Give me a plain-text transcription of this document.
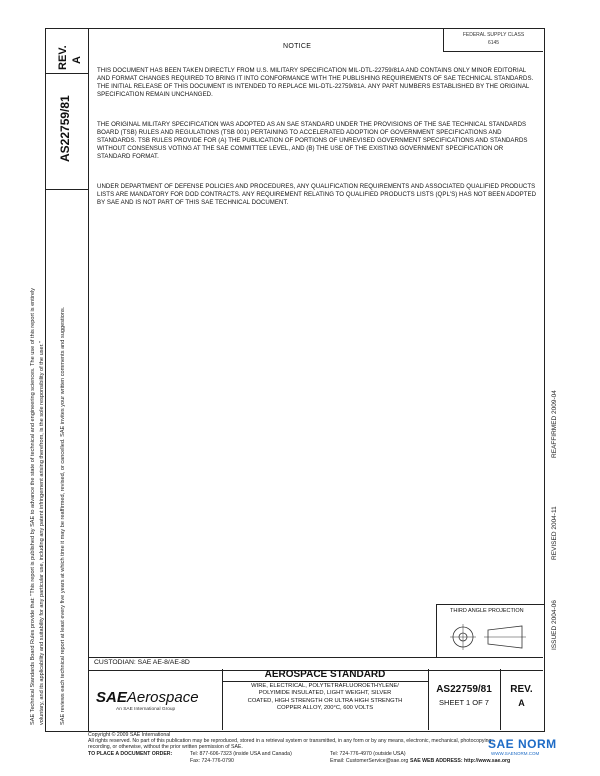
REV. A
AS22759/81
SAE Technical Standards Board Rules provide that: "This report is published by SAE to advance the state of technical and engineering sciences. The use of this report is entirely voluntary, and its applicability and suitability for any particular use, including any patent infringement arising therefrom, is the sole responsibility of the user."	SAE reviews each technical report at least every five years at which time it may be reaffirmed, revised, or cancelled. SAE invites your written comments and suggestions.
FEDERAL SUPPLY CLASS
6145
NOTICE
THIS DOCUMENT HAS BEEN TAKEN DIRECTLY FROM U.S. MILITARY SPECIFICATION MIL-DTL-22759/81A AND CONTAINS ONLY MINOR EDITORIAL AND FORMAT CHANGES REQUIRED TO BRING IT INTO CONFORMANCE WITH THE PUBLISHING REQUIREMENTS OF SAE TECHNICAL STANDARDS. THE INITIAL RELEASE OF THIS DOCUMENT IS INTENDED TO REPLACE MIL-DTL-22759/81A. ANY PART NUMBERS ESTABLISHED BY THE ORIGINAL SPECIFICATION REMAIN UNCHANGED.
THE ORIGINAL MILITARY SPECIFICATION WAS ADOPTED AS AN SAE STANDARD UNDER THE PROVISIONS OF THE SAE TECHNICAL STANDARDS BOARD (TSB) RULES AND REGULATIONS (TSB 001) PERTAINING TO ACCELERATED ADOPTION OF GOVERNMENT SPECIFICATIONS AND STANDARDS. TSB RULES PROVIDE FOR (A) THE PUBLICATION OF PORTIONS OF UNREVISED GOVERNMENT SPECIFICATIONS AND STANDARDS WITHOUT CONSENSUS VOTING AT THE SAE COMMITTEE LEVEL, AND (B) THE USE OF THE EXISTING GOVERNMENT SPECIFICATION OR STANDARD FORMAT.
UNDER DEPARTMENT OF DEFENSE POLICIES AND PROCEDURES, ANY QUALIFICATION REQUIREMENTS AND ASSOCIATED QUALIFIED PRODUCTS LISTS ARE MANDATORY FOR DOD CONTRACTS. ANY REQUIREMENT RELATING TO QUALIFIED PRODUCTS LISTS (QPL'S) HAS NOT BEEN ADOPTED BY SAE AND IS NOT PART OF THIS SAE TECHNICAL DOCUMENT.
REAFFIRMED 2009-04
REVISED 2004-11
ISSUED 2004-06
THIRD ANGLE PROJECTION
CUSTODIAN: SAE AE-8/AE-8D
SAEAerospace
An SAE International Group
AEROSPACE STANDARD
WIRE, ELECTRICAL, POLYTETRAFLUOROETHYLENE/
POLYIMIDE INSULATED, LIGHT WEIGHT, SILVER
COATED, HIGH STRENGTH OR ULTRA HIGH STRENGTH
COPPER ALLOY, 200°C, 600 VOLTS
AS22759/81
SHEET 1 OF 7
REV.
A
Copyright © 2009 SAE International
All rights reserved. No part of this publication may be reproduced, stored in a retrieval system or transmitted, in any form or by any means, electronic, mechanical, photocopying,
recording, or otherwise, without the prior written permission of SAE.
TO PLACE A DOCUMENT ORDER:	Tel: 877-606-7323 (inside USA and Canada)	Tel: 724-776-4970 (outside USA)
Fax: 724-776-0790	Email: CustomerService@sae.org SAE WEB ADDRESS: http://www.sae.org
SAE NORM
WWW.SAENORM.COM
